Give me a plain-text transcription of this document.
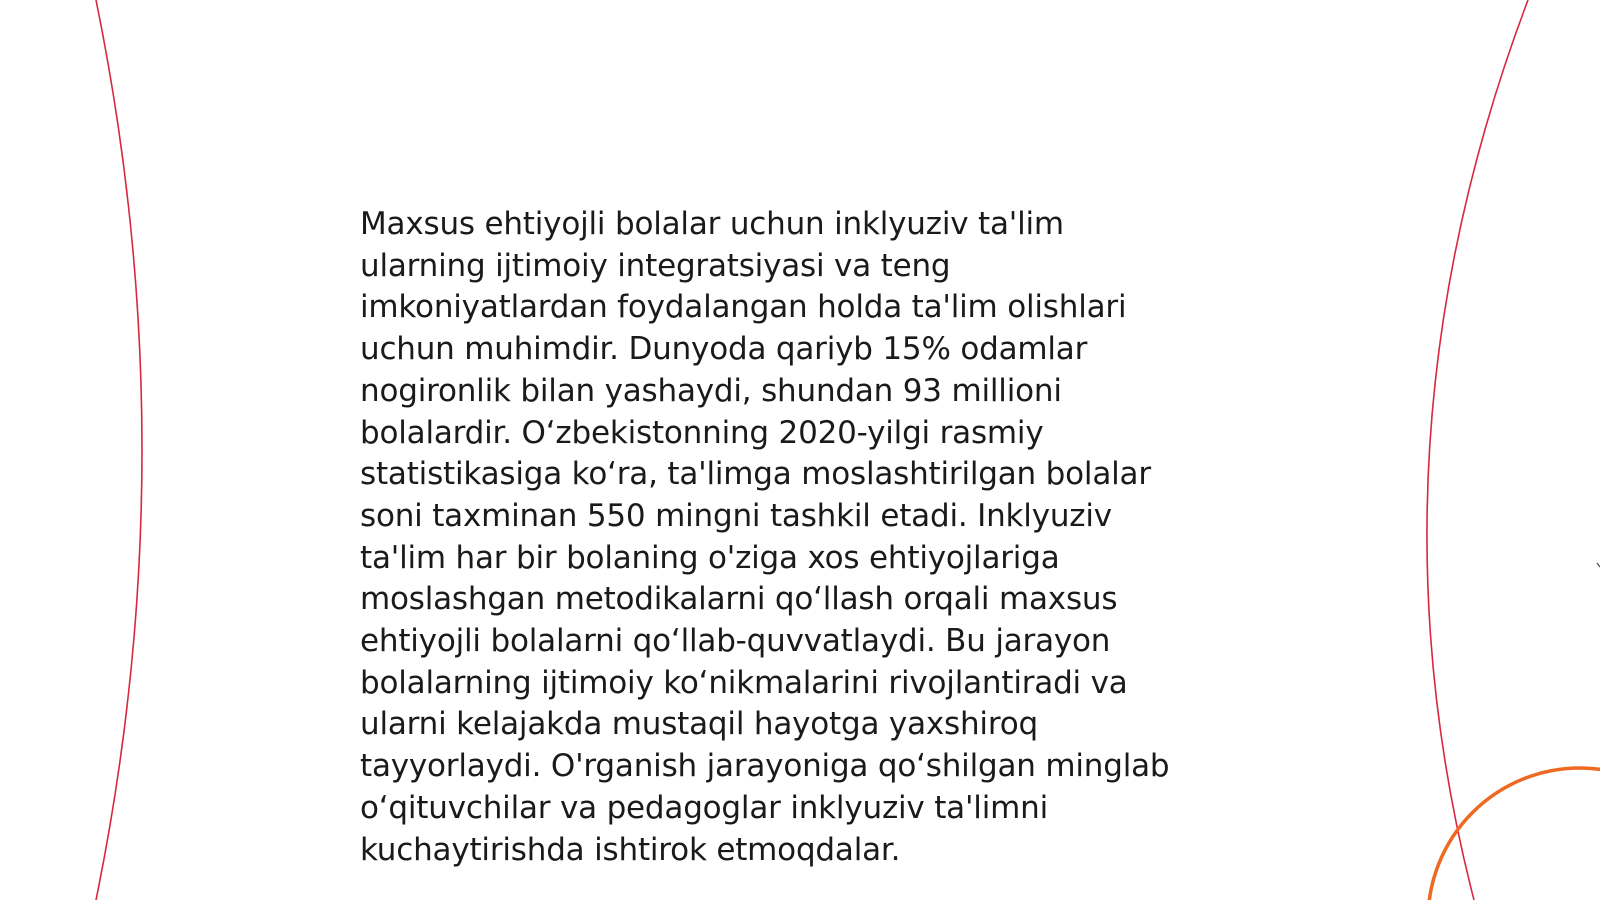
Maxsus ehtiyojli bolalar uchun inklyuziv ta'lim
ularning ijtimoiy integratsiyasi va teng
imkoniyatlardan foydalangan holda ta'lim olishlari
uchun muhimdir. Dunyoda qariyb 15% odamlar
nogironlik bilan yashaydi, shundan 93 millioni
bolalardir. Oʻzbekistonning 2020-yilgi rasmiy
statistikasiga koʻra, ta'limga moslashtirilgan bolalar
soni taxminan 550 mingni tashkil etadi. Inklyuziv
ta'lim har bir bolaning o'ziga xos ehtiyojlariga
moslashgan metodikalarni qoʻllash orqali maxsus
ehtiyojli bolalarni qoʻllab-quvvatlaydi. Bu jarayon
bolalarning ijtimoiy koʻnikmalarini rivojlantiradi va
ularni kelajakda mustaqil hayotga yaxshiroq
tayyorlaydi. O'rganish jarayoniga qoʻshilgan minglab
oʻqituvchilar va pedagoglar inklyuziv ta'limni
kuchaytirishda ishtirok etmoqdalar.
